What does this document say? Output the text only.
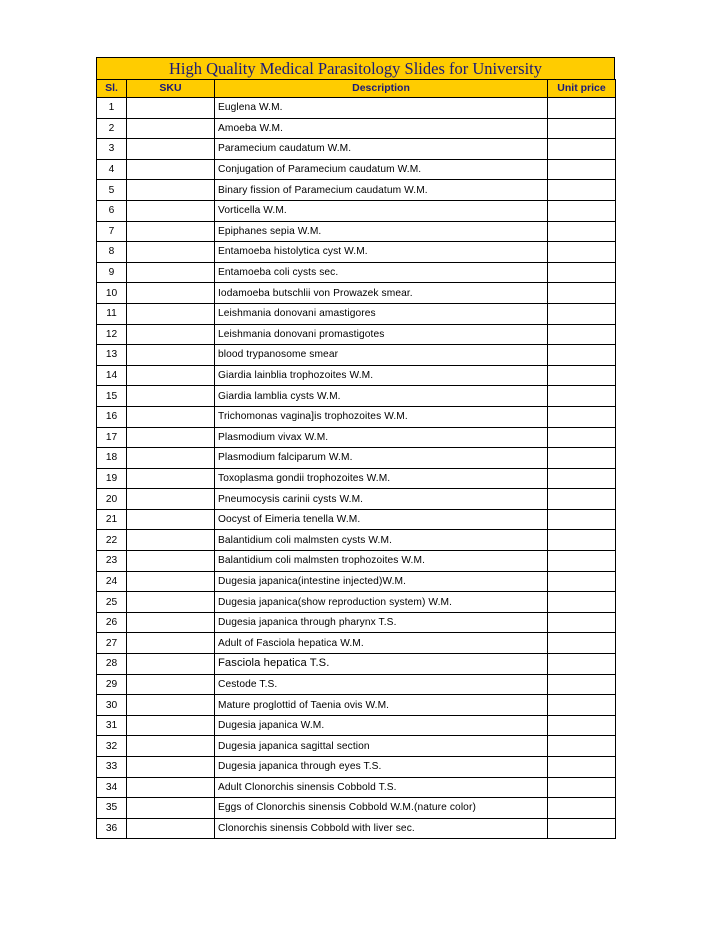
High Quality Medical Parasitology Slides for University
Sl.	SKU	Description	Unit price
1		Euglena W.M.	
2		Amoeba W.M.	
3		Paramecium caudatum W.M.	
4		Conjugation of Paramecium caudatum W.M.	
5		Binary fission of Paramecium caudatum W.M.	
6		Vorticella W.M.	
7		Epiphanes sepia W.M.	
8		Entamoeba histolytica cyst W.M.	
9		Entamoeba coli cysts sec.	
10		Iodamoeba butschlii von Prowazek smear.	
11		Leishmania donovani amastigores	
12		Leishmania donovani promastigotes	
13		blood trypanosome smear	
14		Giardia lainblia trophozoites W.M.	
15		Giardia lamblia cysts W.M.	
16		Trichomonas vagina]is trophozoites W.M.	
17		Plasmodium vivax W.M.	
18		Plasmodium falciparum W.M.	
19		Toxoplasma gondii trophozoites W.M.	
20		Pneumocysis carinii cysts W.M.	
21		Oocyst of Eimeria tenella W.M.	
22		Balantidium coli malmsten cysts W.M.	
23		Balantidium coli malmsten trophozoites W.M.	
24		Dugesia japanica(intestine injected)W.M.	
25		Dugesia japanica(show reproduction system) W.M.	
26		Dugesia japanica through pharynx T.S.	
27		Adult of Fasciola hepatica W.M.	
28		Fasciola hepatica T.S.	
29		Cestode T.S.	
30		Mature proglottid of Taenia ovis W.M.	
31		Dugesia japanica W.M.	
32		Dugesia japanica sagittal section	
33		Dugesia japanica through eyes T.S.	
34		Adult Clonorchis sinensis Cobbold T.S.	
35		Eggs of Clonorchis sinensis Cobbold W.M.(nature color)	
36		Clonorchis sinensis Cobbold with liver sec.	
